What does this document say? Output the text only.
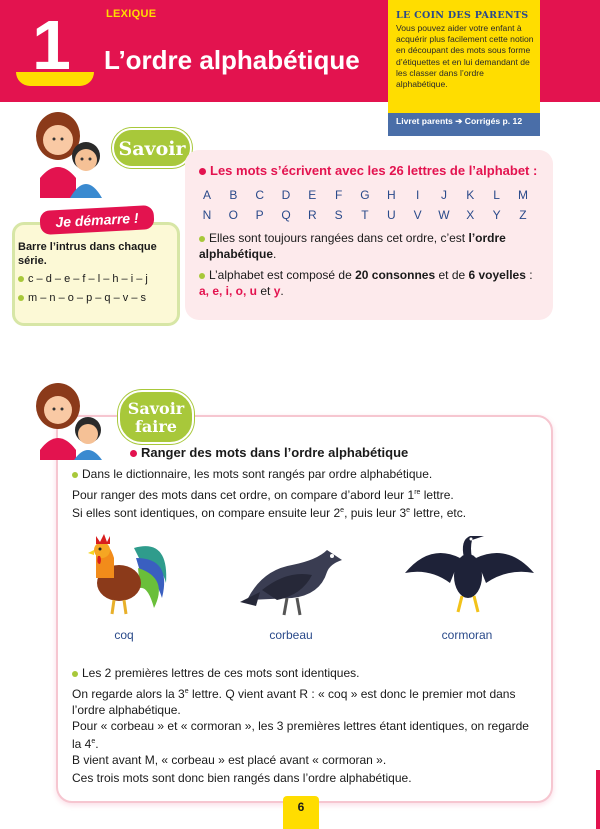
1	LEXIQUE
L’ordre alphabétique
LE COIN DES PARENTS
Vous pouvez aider votre enfant à acquérir plus facilement cette notion en découpant des mots sous forme d’étiquettes et en lui demandant de les classer dans l’ordre alphabétique.
Livret parents ➔ Corrigés p. 12
Savoir
Les mots s’écrivent avec les 26 lettres de l’alphabet :
A	B	C	D	E	F	G	H	I	J	K	L	M
N	O	P	Q	R	S	T	U	V	W	X	Y	Z
Elles sont toujours rangées dans cet ordre, c’est l’ordre alphabétique.
L’alphabet est composé de 20 consonnes et de 6 voyelles :
a, e, i, o, u et y.
Je démarre !
Barre l’intrus dans chaque série.
c – d – e – f – l – h – i – j
m – n – o – p – q – v – s
Savoir
faire
Ranger des mots dans l’ordre alphabétique
Dans le dictionnaire, les mots sont rangés par ordre alphabétique.
Pour ranger des mots dans cet ordre, on compare d’abord leur 1re lettre.
Si elles sont identiques, on compare ensuite leur 2e, puis leur 3e lettre, etc.
coq	corbeau	cormoran
Les 2 premières lettres de ces mots sont identiques.
On regarde alors la 3e lettre. Q vient avant R : « coq » est donc le premier mot dans
l’ordre alphabétique.
Pour « corbeau » et « cormoran », les 3 premières lettres étant identiques, on regarde
la 4e.
B vient avant M, « corbeau » est placé avant « cormoran ».
Ces trois mots sont donc bien rangés dans l’ordre alphabétique.
6
